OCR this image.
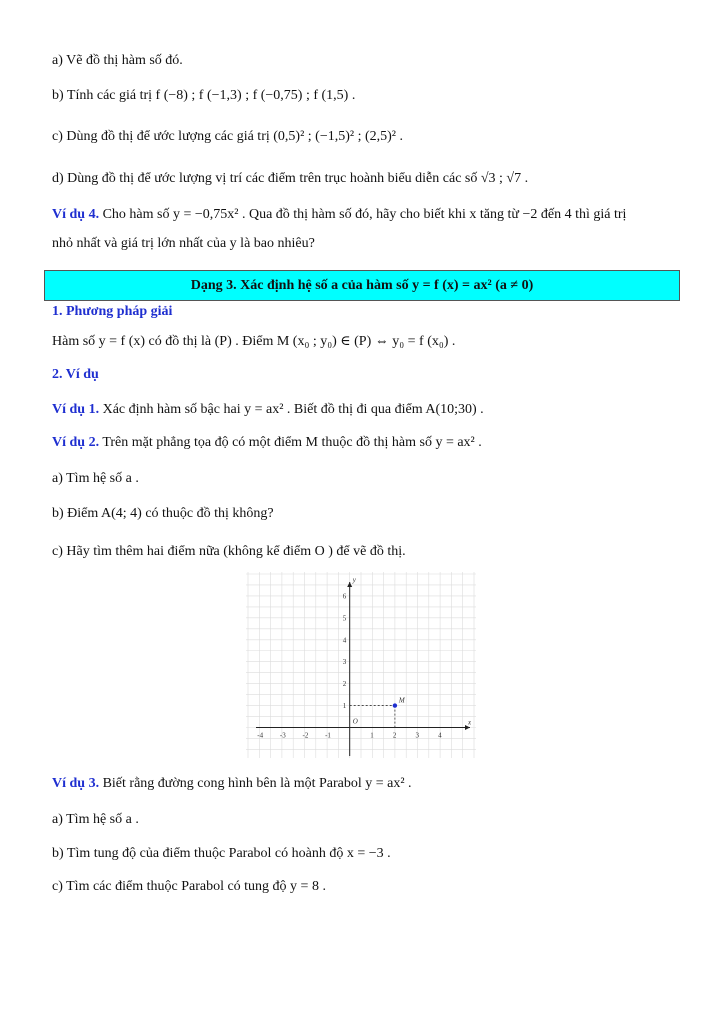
a) Vẽ đồ thị hàm số đó.
b) Tính các giá trị f (−8) ; f (−1,3) ; f (−0,75) ; f (1,5) .
c) Dùng đồ thị để ước lượng các giá trị (0,5)² ; (−1,5)² ; (2,5)² .
d) Dùng đồ thị để ước lượng vị trí các điểm trên trục hoành biểu diễn các số √3 ; √7 .
Ví dụ 4. Cho hàm số y = −0,75x² . Qua đồ thị hàm số đó, hãy cho biết khi x tăng từ −2 đến 4 thì giá trị
nhỏ nhất và giá trị lớn nhất của y là bao nhiêu?
Dạng 3. Xác định hệ số a của hàm số y = f (x) = ax² (a ≠ 0)
1. Phương pháp giải
Hàm số y = f (x) có đồ thị là (P) . Điểm M (x₀ ; y₀) ∈ (P) ⇔ y₀ = f (x₀) .
2. Ví dụ
Ví dụ 1. Xác định hàm số bậc hai y = ax² . Biết đồ thị đi qua điểm A(10;30) .
Ví dụ 2. Trên mặt phẳng tọa độ có một điểm M thuộc đồ thị hàm số y = ax² .
a) Tìm hệ số a .
b) Điểm A(4; 4) có thuộc đồ thị không?
c) Hãy tìm thêm hai điểm nữa (không kể điểm O ) để vẽ đồ thị.
x
y
-4 -3 -2 -1	1	2	3	4
1
2
3
4
5
6
O
M
Ví dụ 3. Biết rằng đường cong hình bên là một Parabol y = ax² .
a) Tìm hệ số a .
b) Tìm tung độ của điểm thuộc Parabol có hoành độ x = −3 .
c) Tìm các điểm thuộc Parabol có tung độ y = 8 .
